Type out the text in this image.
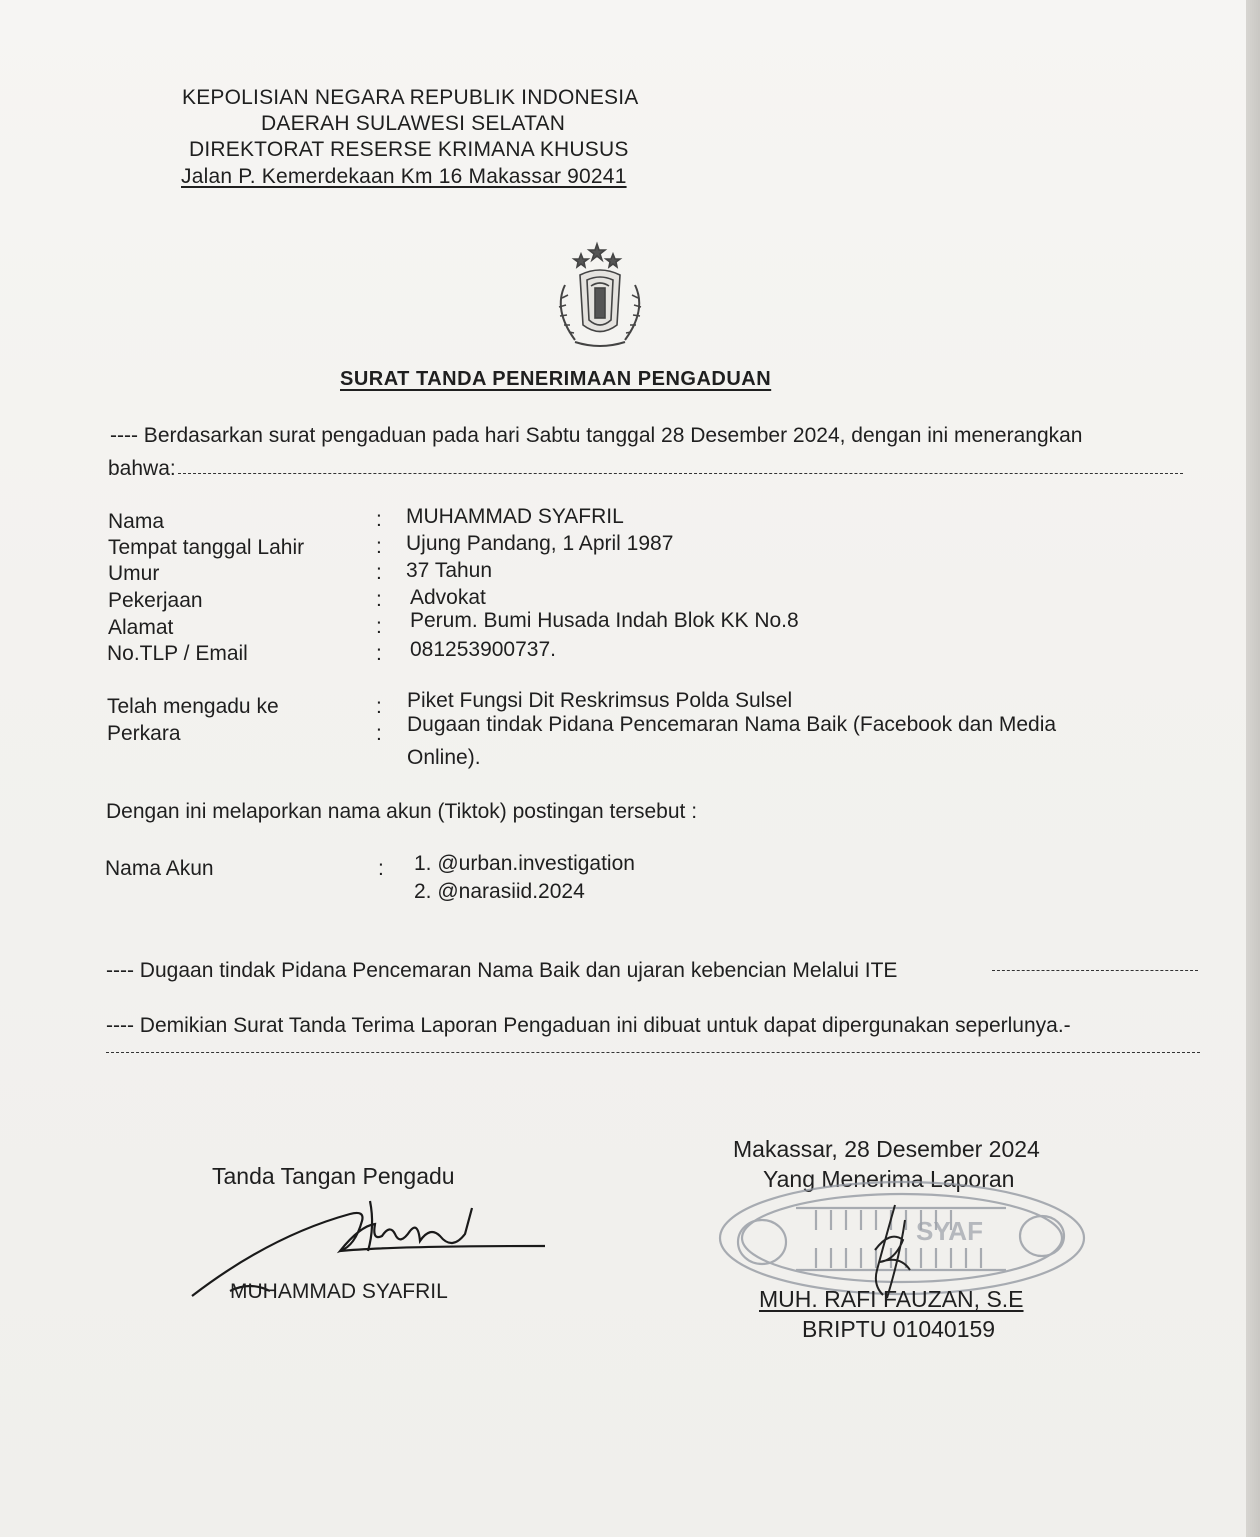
KEPOLISIAN NEGARA REPUBLIK INDONESIA
DAERAH SULAWESI SELATAN
DIREKTORAT RESERSE KRIMANA KHUSUS
Jalan P. Kemerdekaan Km 16 Makassar 90241
SURAT TANDA PENERIMAAN PENGADUAN
---- Berdasarkan surat pengaduan pada hari Sabtu tanggal 28 Desember 2024, dengan ini menerangkan
bahwa:
Nama	: MUHAMMAD SYAFRIL
Tempat tanggal Lahir	: Ujung Pandang, 1 April 1987
Umur	: 37 Tahun
Pekerjaan	: Advokat
Alamat	: Perum. Bumi Husada Indah Blok KK No.8
No.TLP / Email	: 081253900737.
Telah mengadu ke	: Piket Fungsi Dit Reskrimsus Polda Sulsel
Perkara	: Dugaan tindak Pidana Pencemaran Nama Baik (Facebook dan Media
Online).
Dengan ini melaporkan nama akun (Tiktok) postingan tersebut :
Nama Akun	: 1. @urban.investigation
2. @narasiid.2024
---- Dugaan tindak Pidana Pencemaran Nama Baik dan ujaran kebencian Melalui ITE
---- Demikian Surat Tanda Terima Laporan Pengaduan ini dibuat untuk dapat dipergunakan seperlunya.-
Makassar, 28 Desember 2024
Yang Menerima Laporan
SYAF
MUH. RAFI FAUZAN, S.E
BRIPTU 01040159
Tanda Tangan Pengadu
MUHAMMAD SYAFRIL
